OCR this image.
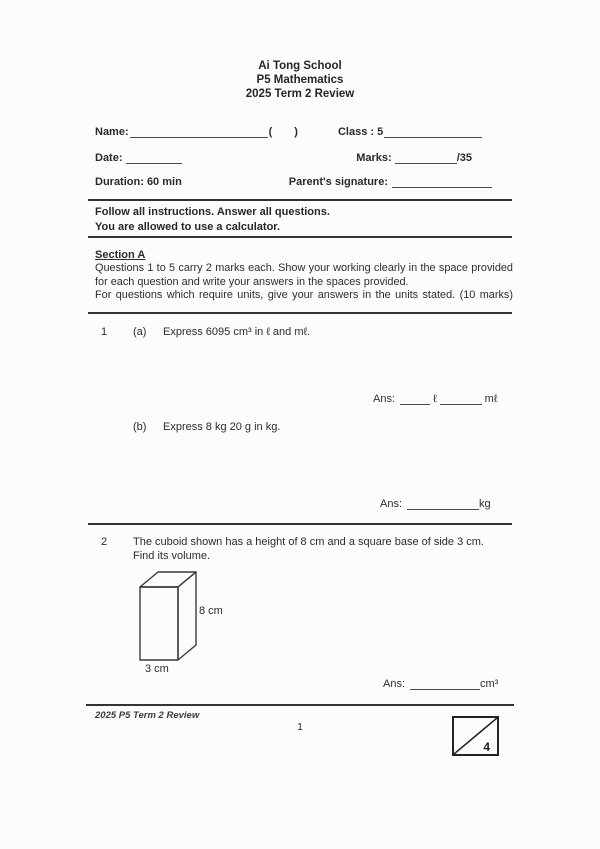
Ai Tong School
P5 Mathematics
2025 Term 2 Review
Name:	( )	Class : 5
Date:	Marks:	/35
Duration: 60 min	Parent's signature:
Follow all instructions. Answer all questions.
You are allowed to use a calculator.
Section A
Questions 1 to 5 carry 2 marks each. Show your working clearly in the space provided
for each question and write your answers in the spaces provided.
For questions which require units, give your answers in the units stated. (10 marks)
1	(a)	Express 6095 cm³ in ℓ and mℓ.
Ans:	ℓ	mℓ
(b)	Express 8 kg 20 g in kg.
Ans:	kg
2	The cuboid shown has a height of 8 cm and a square base of side 3 cm.
Find its volume.
8 cm
3 cm
Ans:	cm³
2025 P5 Term 2 Review
1
4
